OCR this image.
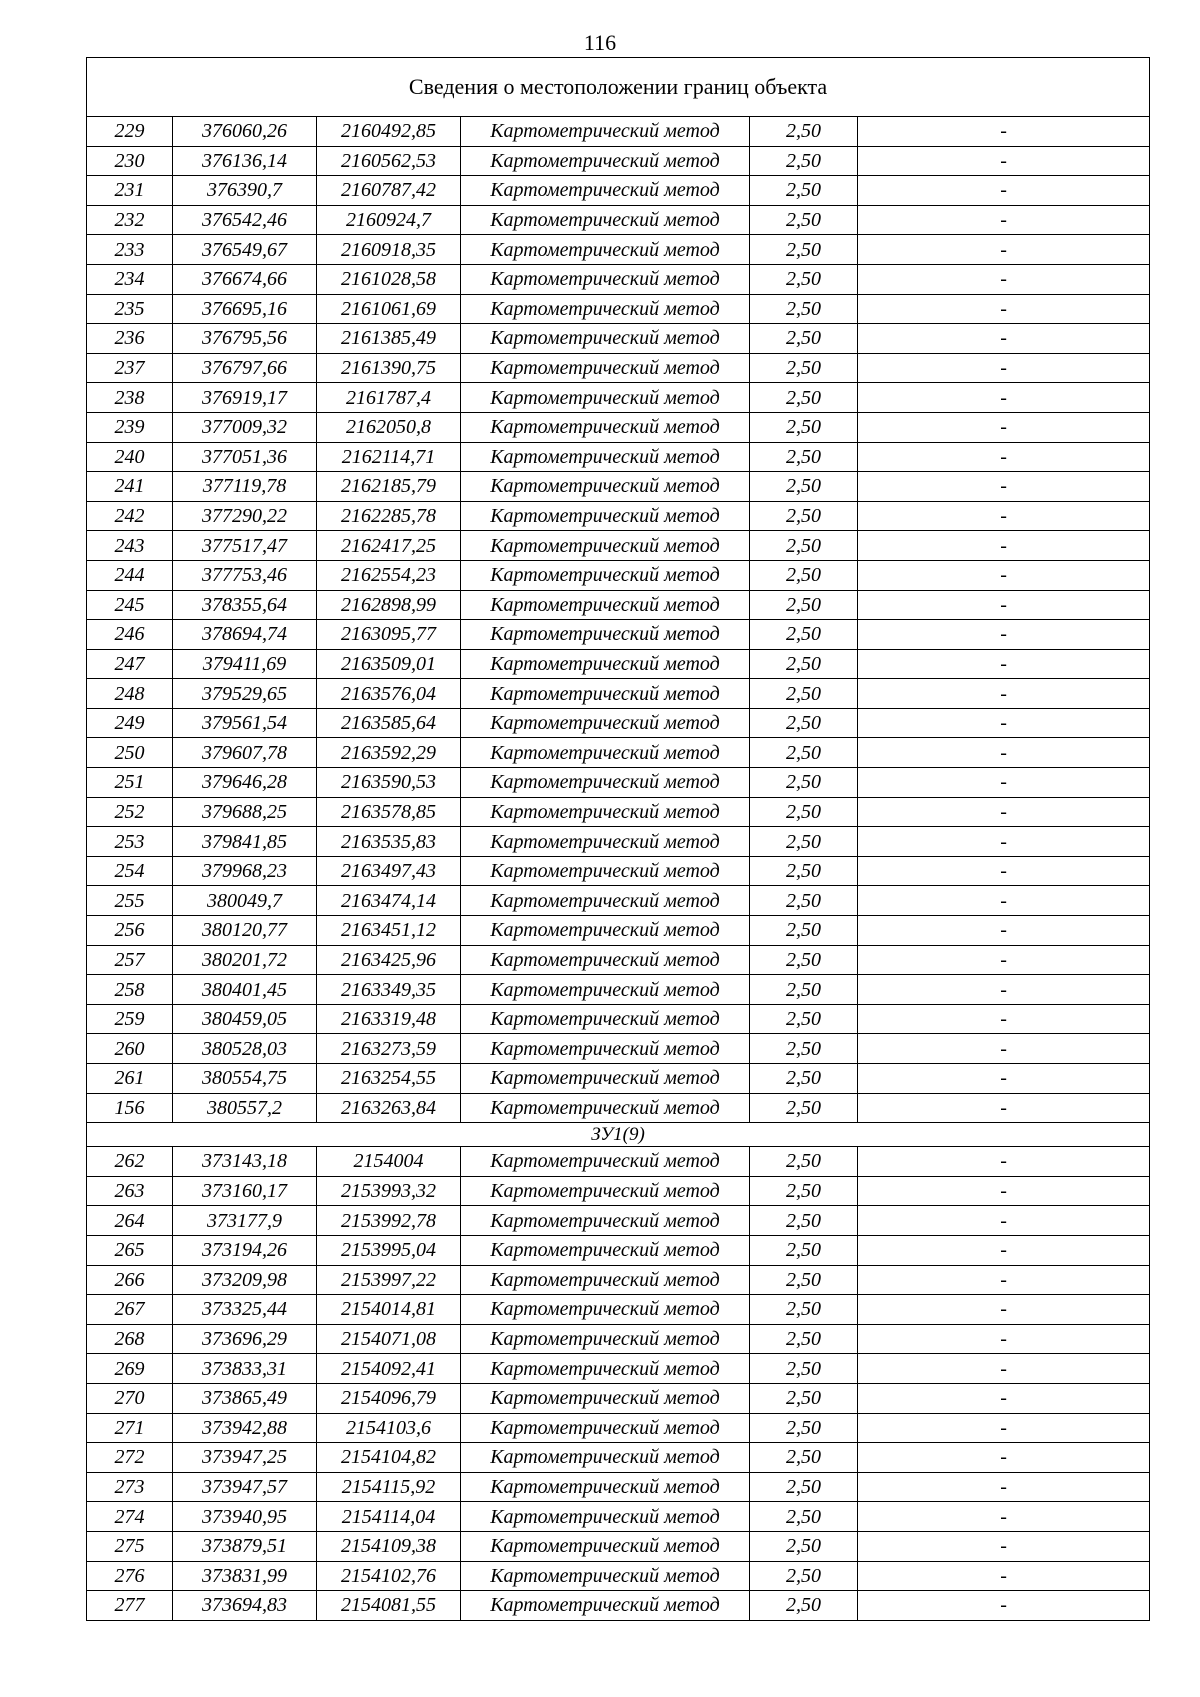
116
Сведения о местоположении границ объекта					
229	376060,26	2160492,85	Картометрический метод	2,50	-
230	376136,14	2160562,53	Картометрический метод	2,50	-
231	376390,7	2160787,42	Картометрический метод	2,50	-
232	376542,46	2160924,7	Картометрический метод	2,50	-
233	376549,67	2160918,35	Картометрический метод	2,50	-
234	376674,66	2161028,58	Картометрический метод	2,50	-
235	376695,16	2161061,69	Картометрический метод	2,50	-
236	376795,56	2161385,49	Картометрический метод	2,50	-
237	376797,66	2161390,75	Картометрический метод	2,50	-
238	376919,17	2161787,4	Картометрический метод	2,50	-
239	377009,32	2162050,8	Картометрический метод	2,50	-
240	377051,36	2162114,71	Картометрический метод	2,50	-
241	377119,78	2162185,79	Картометрический метод	2,50	-
242	377290,22	2162285,78	Картометрический метод	2,50	-
243	377517,47	2162417,25	Картометрический метод	2,50	-
244	377753,46	2162554,23	Картометрический метод	2,50	-
245	378355,64	2162898,99	Картометрический метод	2,50	-
246	378694,74	2163095,77	Картометрический метод	2,50	-
247	379411,69	2163509,01	Картометрический метод	2,50	-
248	379529,65	2163576,04	Картометрический метод	2,50	-
249	379561,54	2163585,64	Картометрический метод	2,50	-
250	379607,78	2163592,29	Картометрический метод	2,50	-
251	379646,28	2163590,53	Картометрический метод	2,50	-
252	379688,25	2163578,85	Картометрический метод	2,50	-
253	379841,85	2163535,83	Картометрический метод	2,50	-
254	379968,23	2163497,43	Картометрический метод	2,50	-
255	380049,7	2163474,14	Картометрический метод	2,50	-
256	380120,77	2163451,12	Картометрический метод	2,50	-
257	380201,72	2163425,96	Картометрический метод	2,50	-
258	380401,45	2163349,35	Картометрический метод	2,50	-
259	380459,05	2163319,48	Картометрический метод	2,50	-
260	380528,03	2163273,59	Картометрический метод	2,50	-
261	380554,75	2163254,55	Картометрический метод	2,50	-
156	380557,2	2163263,84	Картометрический метод	2,50	-
ЗУ1(9)					
262	373143,18	2154004	Картометрический метод	2,50	-
263	373160,17	2153993,32	Картометрический метод	2,50	-
264	373177,9	2153992,78	Картометрический метод	2,50	-
265	373194,26	2153995,04	Картометрический метод	2,50	-
266	373209,98	2153997,22	Картометрический метод	2,50	-
267	373325,44	2154014,81	Картометрический метод	2,50	-
268	373696,29	2154071,08	Картометрический метод	2,50	-
269	373833,31	2154092,41	Картометрический метод	2,50	-
270	373865,49	2154096,79	Картометрический метод	2,50	-
271	373942,88	2154103,6	Картометрический метод	2,50	-
272	373947,25	2154104,82	Картометрический метод	2,50	-
273	373947,57	2154115,92	Картометрический метод	2,50	-
274	373940,95	2154114,04	Картометрический метод	2,50	-
275	373879,51	2154109,38	Картометрический метод	2,50	-
276	373831,99	2154102,76	Картометрический метод	2,50	-
277	373694,83	2154081,55	Картометрический метод	2,50	-
